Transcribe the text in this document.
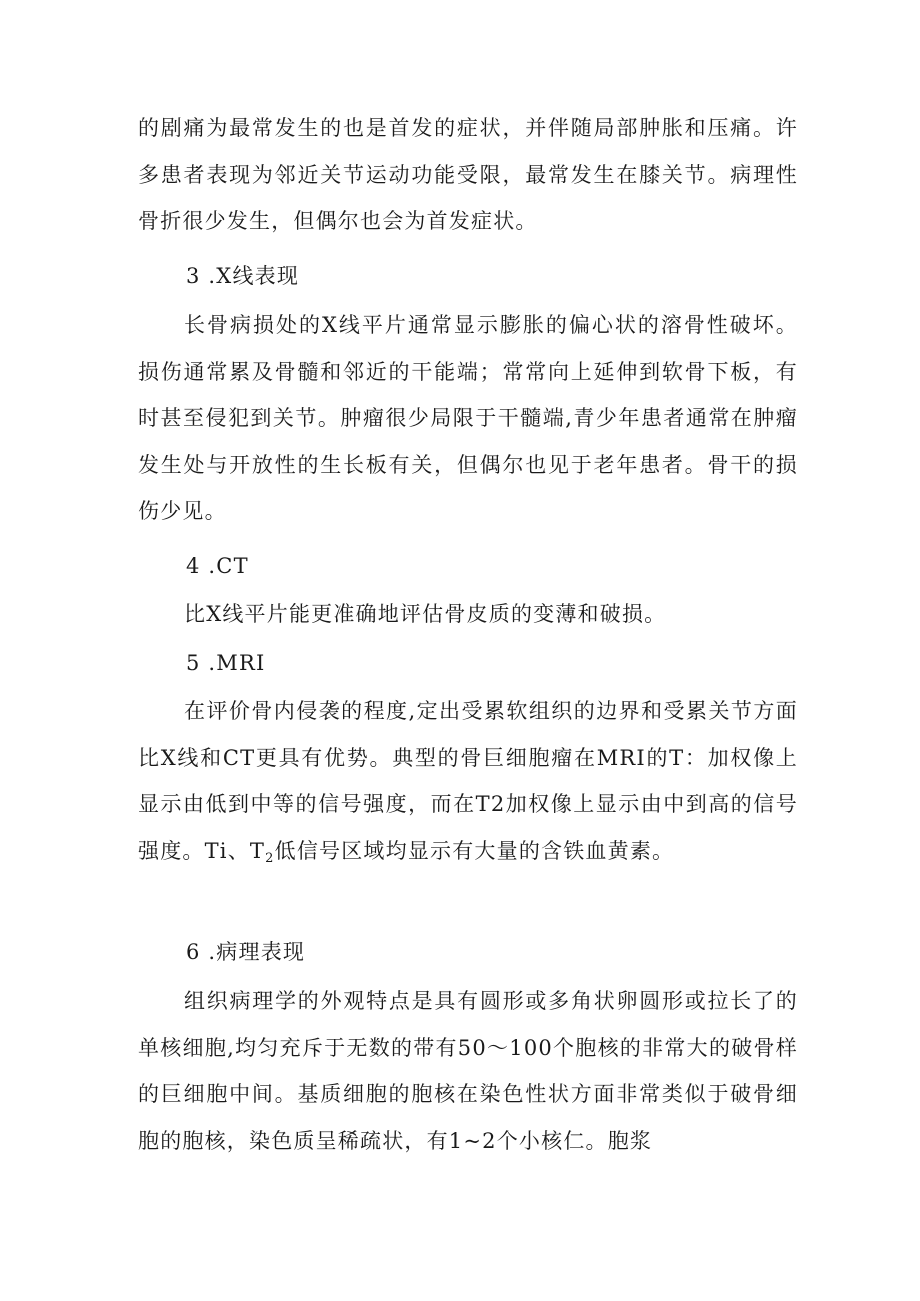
的剧痛为最常发生的也是首发的症状，并伴随局部肿胀和压痛。许多患者表现为邻近关节运动功能受限，最常发生在膝关节。病理性骨折很少发生，但偶尔也会为首发症状。

3 .X线表现

长骨病损处的X线平片通常显示膨胀的偏心状的溶骨性破坏。损伤通常累及骨髓和邻近的干能端；常常向上延伸到软骨下板，有时甚至侵犯到关节。肿瘤很少局限于干髓端,青少年患者通常在肿瘤发生处与开放性的生长板有关，但偶尔也见于老年患者。骨干的损伤少见。

4 .CT

比X线平片能更准确地评估骨皮质的变薄和破损。

5 .MRI

在评价骨内侵袭的程度,定出受累软组织的边界和受累关节方面比X线和CT更具有优势。典型的骨巨细胞瘤在MRI的T：加权像上显示由低到中等的信号强度，而在T2加权像上显示由中到高的信号强度。Ti、$T_2$低信号区域均显示有大量的含铁血黄素。

6 .病理表现

组织病理学的外观特点是具有圆形或多角状卵圆形或拉长了的单核细胞,均匀充斥于无数的带有50～100个胞核的非常大的破骨样的巨细胞中间。基质细胞的胞核在染色性状方面非常类似于破骨细胞的胞核，染色质呈稀疏状，有1~2个小核仁。胞浆
